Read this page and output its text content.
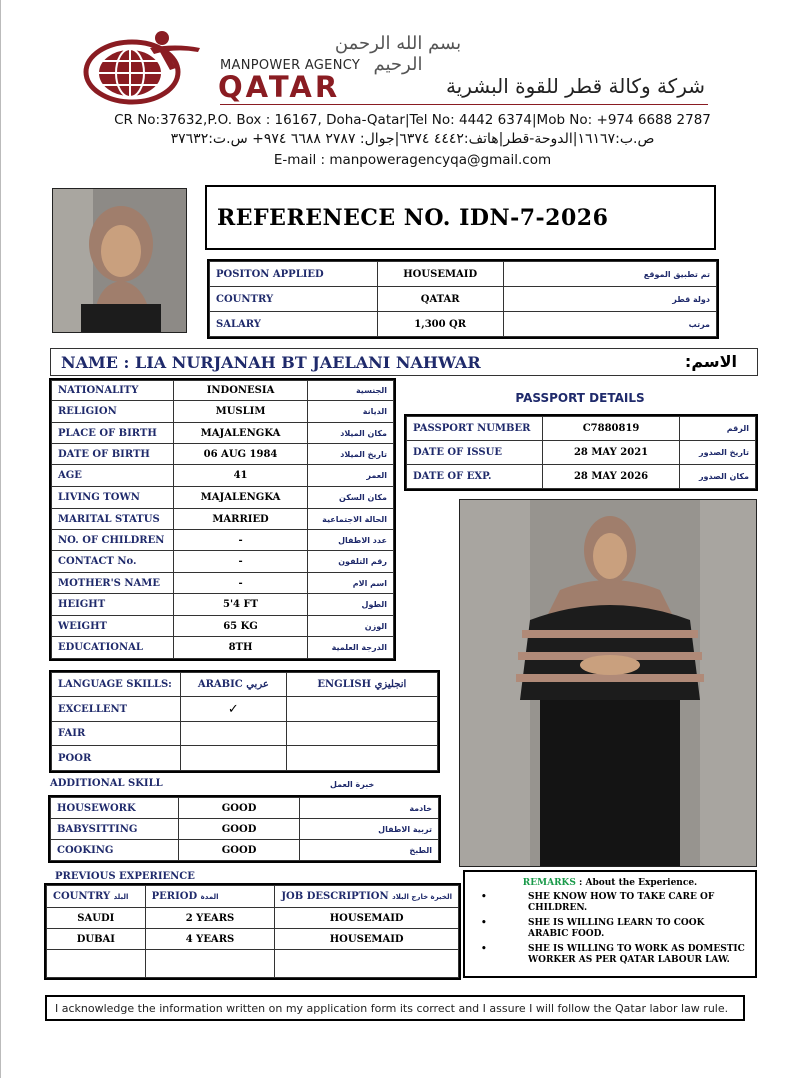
بسم الله الرحمن الرحيم
MANPOWER AGENCY
QATAR	شركة وكالة قطر للقوة البشرية
CR No:37632,P.O. Box : 16167, Doha-Qatar|Tel No: 4442 6374|Mob No: +974 6688 2787
ص.ب:١٦١٦٧|الدوحة-قطر|هاتف:٤٤٤٢ ٦٣٧٤|جوال: ٢٧٨٧ ٦٦٨٨ ٩٧٤+ س.ت:٣٧٦٣٢
E-mail : manpoweragencyqa@gmail.com
REFERENECE NO. IDN-7-2026
POSITON APPLIED	HOUSEMAID	تم تطبيق الموقع
COUNTRY	QATAR	دولة قطر
SALARY	1,300 QR	مرتب
NAME : LIA NURJANAH BT JAELANI NAHWAR	الاسم:
NATIONALITY	INDONESIA	الجنسية
RELIGION	MUSLIM	الديانة
PLACE OF BIRTH	MAJALENGKA	مكان الميلاد
DATE OF BIRTH	06 AUG 1984	تاريخ الميلاد
AGE	41	العمر
LIVING TOWN	MAJALENGKA	مكان السكن
MARITAL STATUS	MARRIED	الحالة الاجتماعية
NO. OF CHILDREN	-	عدد الاطفال
CONTACT No.	-	رقم التلفون
MOTHER'S NAME	-	اسم الام
HEIGHT	5'4 FT	الطول
WEIGHT	65 KG	الوزن
EDUCATIONAL	8TH	الدرجة العلمية
PASSPORT DETAILS
PASSPORT NUMBER	C7880819	الرقم
DATE OF ISSUE	28 MAY 2021	تاريخ الصدور
DATE OF EXP.	28 MAY 2026	مكان الصدور
LANGUAGE SKILLS:	ARABIC عربي	ENGLISH انجليزي
EXCELLENT	✓	
FAIR		
POOR		
ADDITIONAL SKILL	خبرة العمل
HOUSEWORK	GOOD	خادمة
BABYSITTING	GOOD	تربية الاطفال
COOKING	GOOD	الطبخ
PREVIOUS EXPERIENCE
COUNTRY البلد	PERIOD المدة	JOB DESCRIPTION الخبرة خارج البلاد
SAUDI	2 YEARS	HOUSEMAID
DUBAI	4 YEARS	HOUSEMAID

REMARKS : About the Experience.
• SHE KNOW HOW TO TAKE CARE OF CHILDREN.
• SHE IS WILLING LEARN TO COOK ARABIC FOOD.
• SHE IS WILLING TO WORK AS DOMESTIC WORKER AS PER QATAR LABOUR LAW.
I acknowledge the information written on my application form its correct and I assure I will follow the Qatar labor law rule.
